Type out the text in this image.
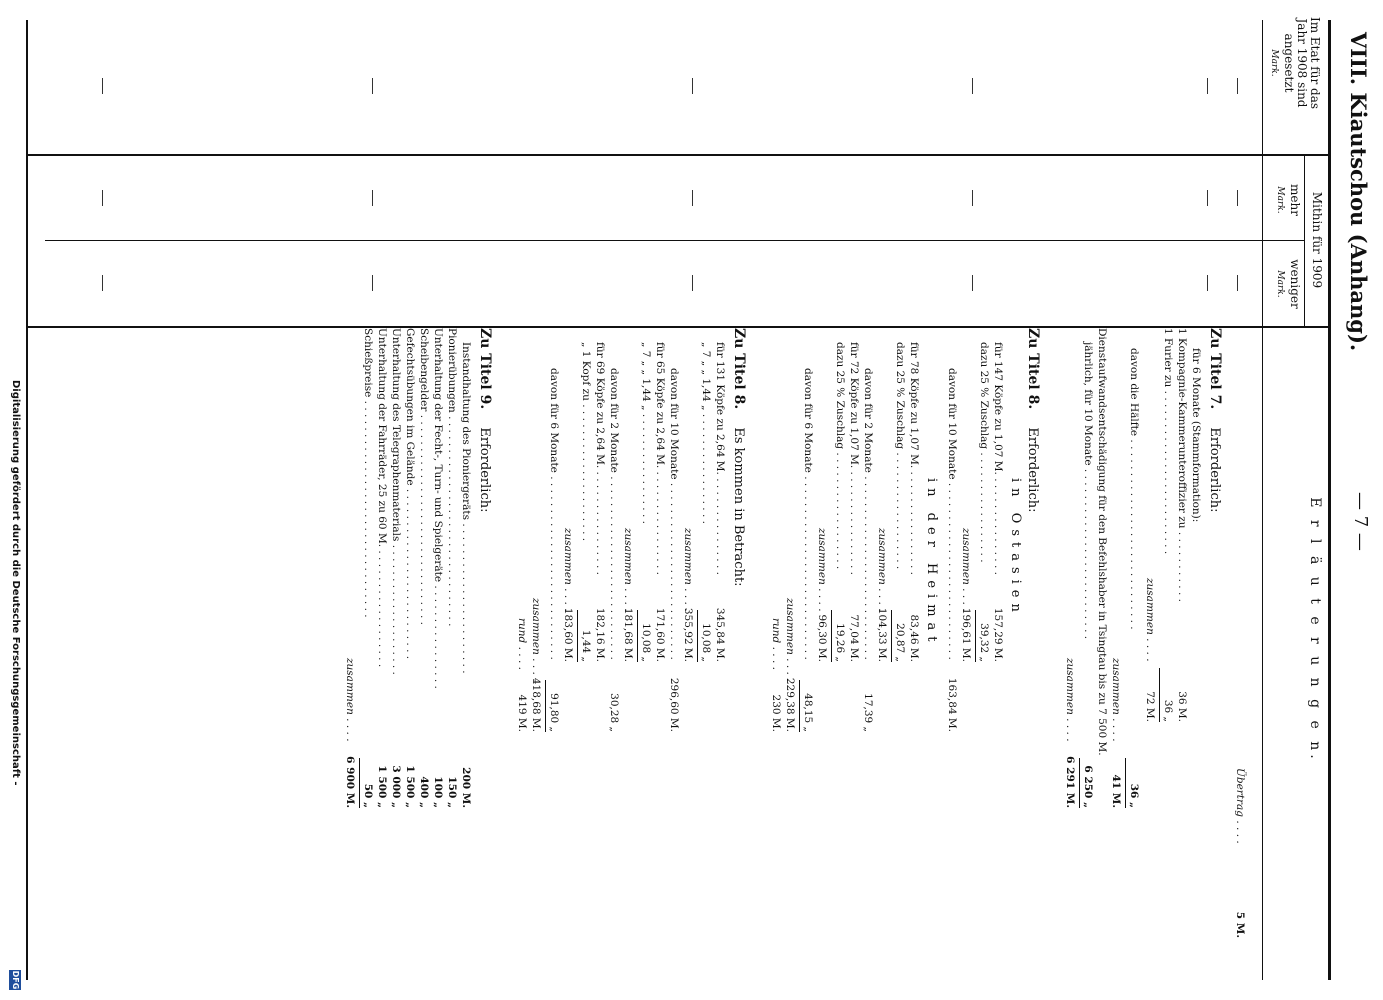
VIII. Kiautschou (Anhang).
— 7 —
Im Etat für das Jahr 1908 sind angesetzt
Mark.
Mithin für 1909
mehr
Mark.
weniger
Mark.
E r l ä u t e r u n g e n.
Übertrag . . . .
5 M.
Zu Titel 7. Erforderlich:
für 6 Monate (Stammformation):
1 Kompagnie-Kammerunteroffizier zu . . . . . . . . . . .
36 M.
1 Furier zu . . . . . . . . . . . . . . . . . . . . . . . . .
36 „
zusammen . . . .
72 M.
davon die Hälfte . . . . . . . . . . . . . . . . . . . . . . . . . . . . .
36 „
zusammen . . . .
41 M.
Dienstaufwandsentschädigung für den Befehlshaber in Tsingtau bis zu 7 500 M.
jährlich, für 10 Monate . . . . . . . . . . . . . . . . . . . . . . . . . .
6 250 „
zusammen . . . .
6 291 M.
Zu Titel 8. Erforderlich:
in Ostasien
für 147 Köpfe zu 1,07 M. . . . . . . . . . . . . . . .
157,29 M.
dazu 25 % Zuschlag . . . . . . . . . . . . . . . . .
39,32 „
zusammen . . . .
196,61 M.
davon für 10 Monate . . . . . . . . . . . . . . . . . . . . . . . . . . .
163,84 M.
in der Heimat
für 78 Köpfe zu 1,07 M. . . . . . . . . . . . . . . . .
83,46 M.
dazu 25 % Zuschlag . . . . . . . . . . . . . . . . . .
20,87 „
zusammen . . . .
104,33 M.
davon für 2 Monate . . . . . . . . . . . . . . . . . . . . . . . . . . . .
17,39 „
für 72 Köpfe zu 1,07 M. . . . . . . . . . . . . . . . .
77,04 M.
dazu 25 % Zuschlag . . . . . . . . . . . . . . . . . .
19,26 „
zusammen . . . .
96,30 M.
davon für 6 Monate . . . . . . . . . . . . . . . . . . . . . . . . . . . .
48,15 „
zusammen . . . .
229,38 M.
rund . . . .
230 M.
Zu Titel 8. Es kommen in Betracht:
für 131 Köpfe zu 2,64 M. . . . . . . . . . . . . . . .
345,84 M.
„ 7 „ „ 1,44 „ . . . . . . . . . . . . . . . . .
10,08 „
zusammen . . . .
355,92 M.
davon für 10 Monate . . . . . . . . . . . . . . . . . . . . . . . . . . .
296,60 M.
für 65 Köpfe zu 2,64 M. . . . . . . . . . . . . . . . .
171,60 M.
„ 7 „ „ 1,44 „ . . . . . . . . . . . . . . . . .
10,08 „
zusammen . . . .
181,68 M.
davon für 2 Monate . . . . . . . . . . . . . . . . . . . . . . . . . . . .
30,28 „
für 69 Köpfe zu 2,64 M. . . . . . . . . . . . . . . . .
182,16 M.
„ 1 Kopf zu . . . . . . . . . . . . . . . . . . . . .
1,44 „
zusammen . . . .
183,60 M.
davon für 6 Monate . . . . . . . . . . . . . . . . . . . . . . . . . . . .
91,80 „
zusammen . . . .
418,68 M.
rund . . . .
419 M.
Zu Titel 9. Erforderlich:
Instandhaltung des Pioniergeräts . . . . . . . . . . . . . . . . . . . . . . .
200 M.
Pionierübungen . . . . . . . . . . . . . . . . . . . . . . . . . . . . . . . .
150 „
Unterhaltung der Fecht-, Turn- und Spielgeräte . . . . . . . . . . . . . . . .
100 „
Scheibengelder . . . . . . . . . . . . . . . . . . . . . . . . . . . . . . . .
400 „
Gefechtsübungen im Gelände . . . . . . . . . . . . . . . . . . . . . . . . . .
1 500 „
Unterhaltung des Telegraphenmaterials . . . . . . . . . . . . . . . . . . . .
3 000 „
Unterhaltung der Fahrräder, 25 zu 60 M. . . . . . . . . . . . . . . . . . .
1 500 „
Schießpreise . . . . . . . . . . . . . . . . . . . . . . . . . . . . . . . . .
50 „
zusammen . . . .
6 900 M.
Digitalisierung gefördert durch die Deutsche Forschungsgemeinschaft -
DFG
